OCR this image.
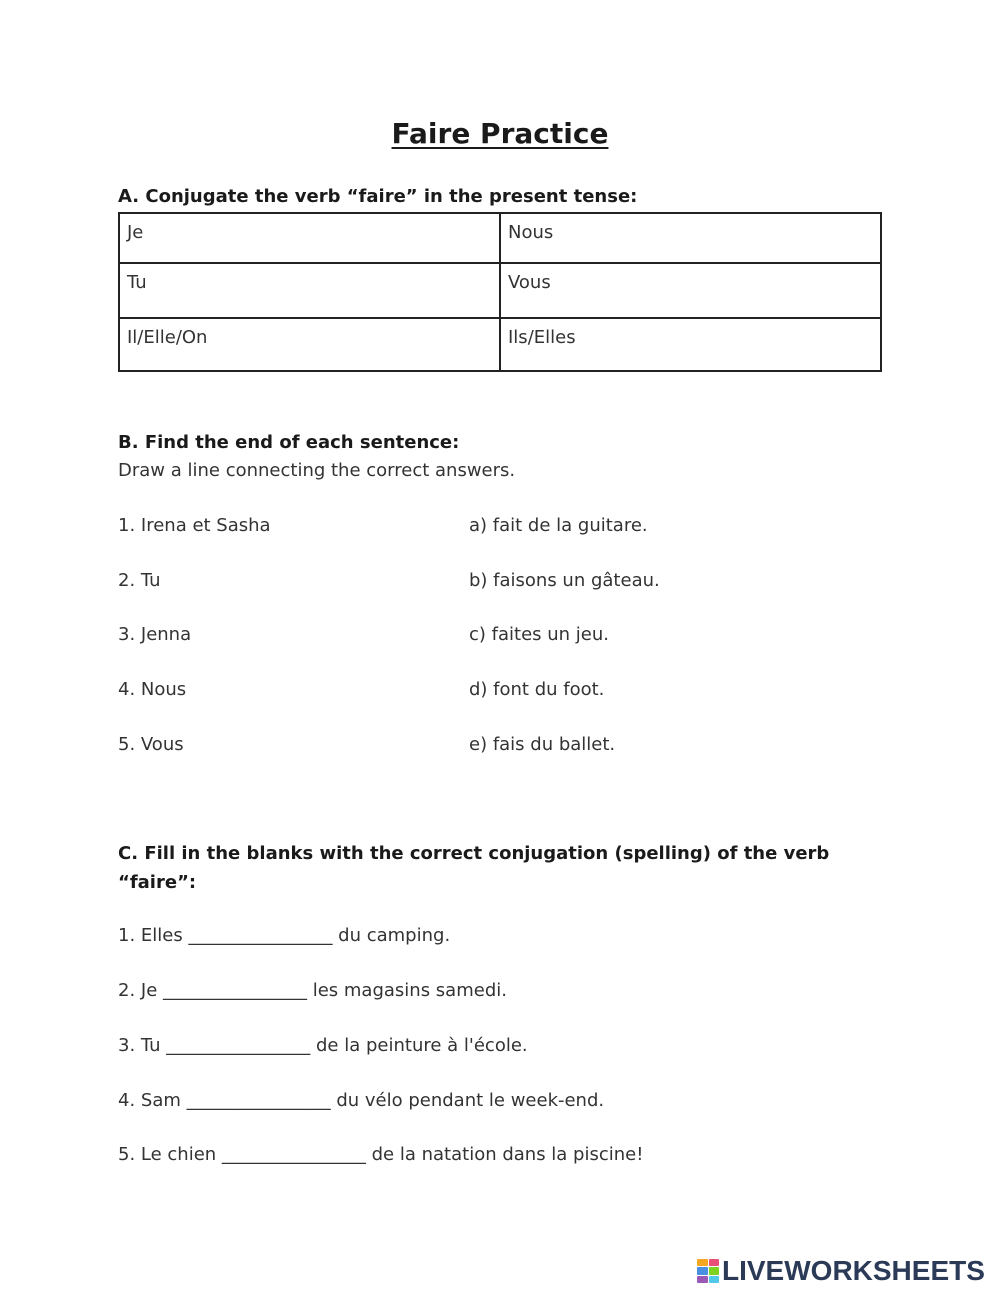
Faire Practice

A. Conjugate the verb “faire” in the present tense:

Je	Nous
Tu	Vous
Il/Elle/On	Ils/Elles

B. Find the end of each sentence:

Draw a line connecting the correct answers.

1. Irena et Sasha	a) fait de la guitare.
2. Tu	b) faisons un gâteau.
3. Jenna	c) faites un jeu.
4. Nous	d) font du foot.
5. Vous	e) fais du ballet.

C. Fill in the blanks with the correct conjugation (spelling) of the verb

“faire”:

1. Elles ________________ du camping.
2. Je ________________ les magasins samedi.
3. Tu ________________ de la peinture à l'école.
4. Sam ________________ du vélo pendant le week-end.
5. Le chien ________________ de la natation dans la piscine!
LIVEWORKSHEETS
